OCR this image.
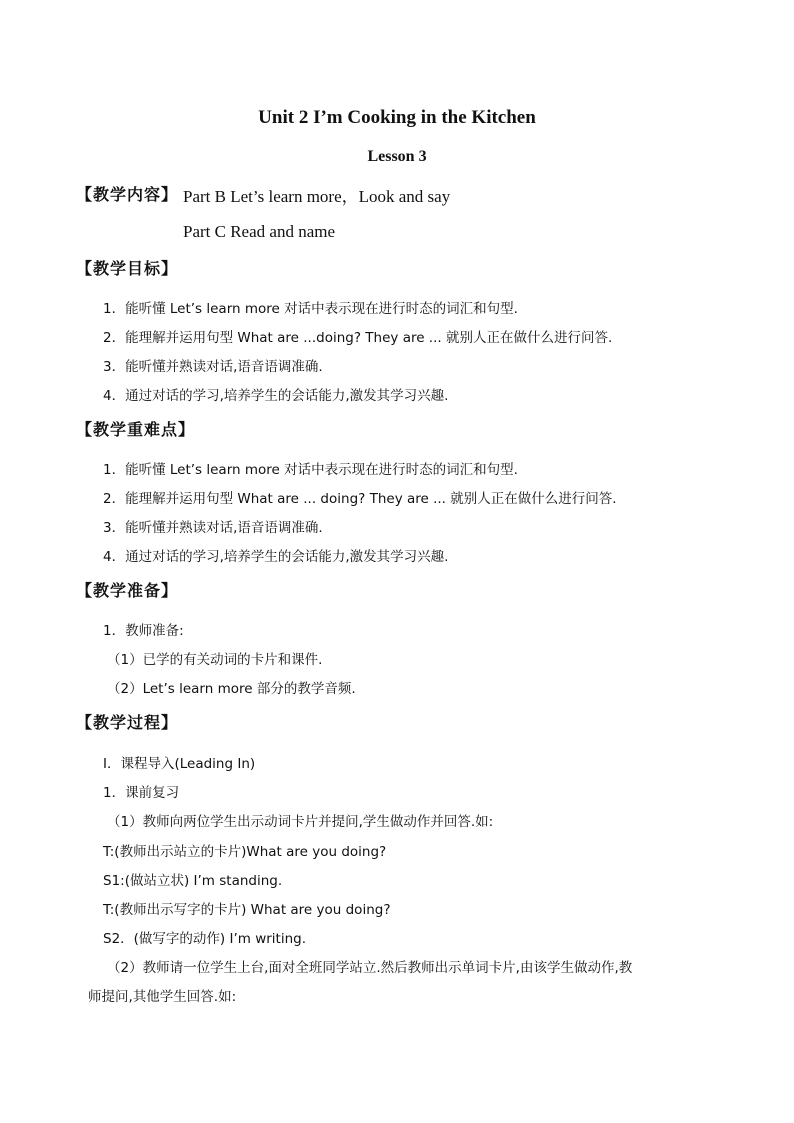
Unit 2 I’m Cooking in the Kitchen
Lesson 3
【教学内容】 Part B Let’s learn more，Look and say
Part C Read and name
【教学目标】
1．能听懂 Let’s learn more 对话中表示现在进行时态的词汇和句型.
2．能理解并运用句型 What are ...doing? They are ... 就别人正在做什么进行问答.
3．能听懂并熟读对话,语音语调准确.
4．通过对话的学习,培养学生的会话能力,激发其学习兴趣.
【教学重难点】
1．能听懂 Let’s learn more 对话中表示现在进行时态的词汇和句型.
2．能理解并运用句型 What are ... doing? They are ... 就别人正在做什么进行问答.
3．能听懂并熟读对话,语音语调准确.
4．通过对话的学习,培养学生的会话能力,激发其学习兴趣.
【教学准备】
1．教师准备:
（1）已学的有关动词的卡片和课件.
（2）Let’s learn more 部分的教学音频.
【教学过程】
Ⅰ．课程导入(Leading In)
1．课前复习
（1）教师向两位学生出示动词卡片并提问,学生做动作并回答.如:
T:(教师出示站立的卡片)What are you doing?
S1:(做站立状) I’m standing.
T:(教师出示写字的卡片) What are you doing?
S2．(做写字的动作) I’m writing.
（2）教师请一位学生上台,面对全班同学站立.然后教师出示单词卡片,由该学生做动作,教
师提问,其他学生回答.如:
